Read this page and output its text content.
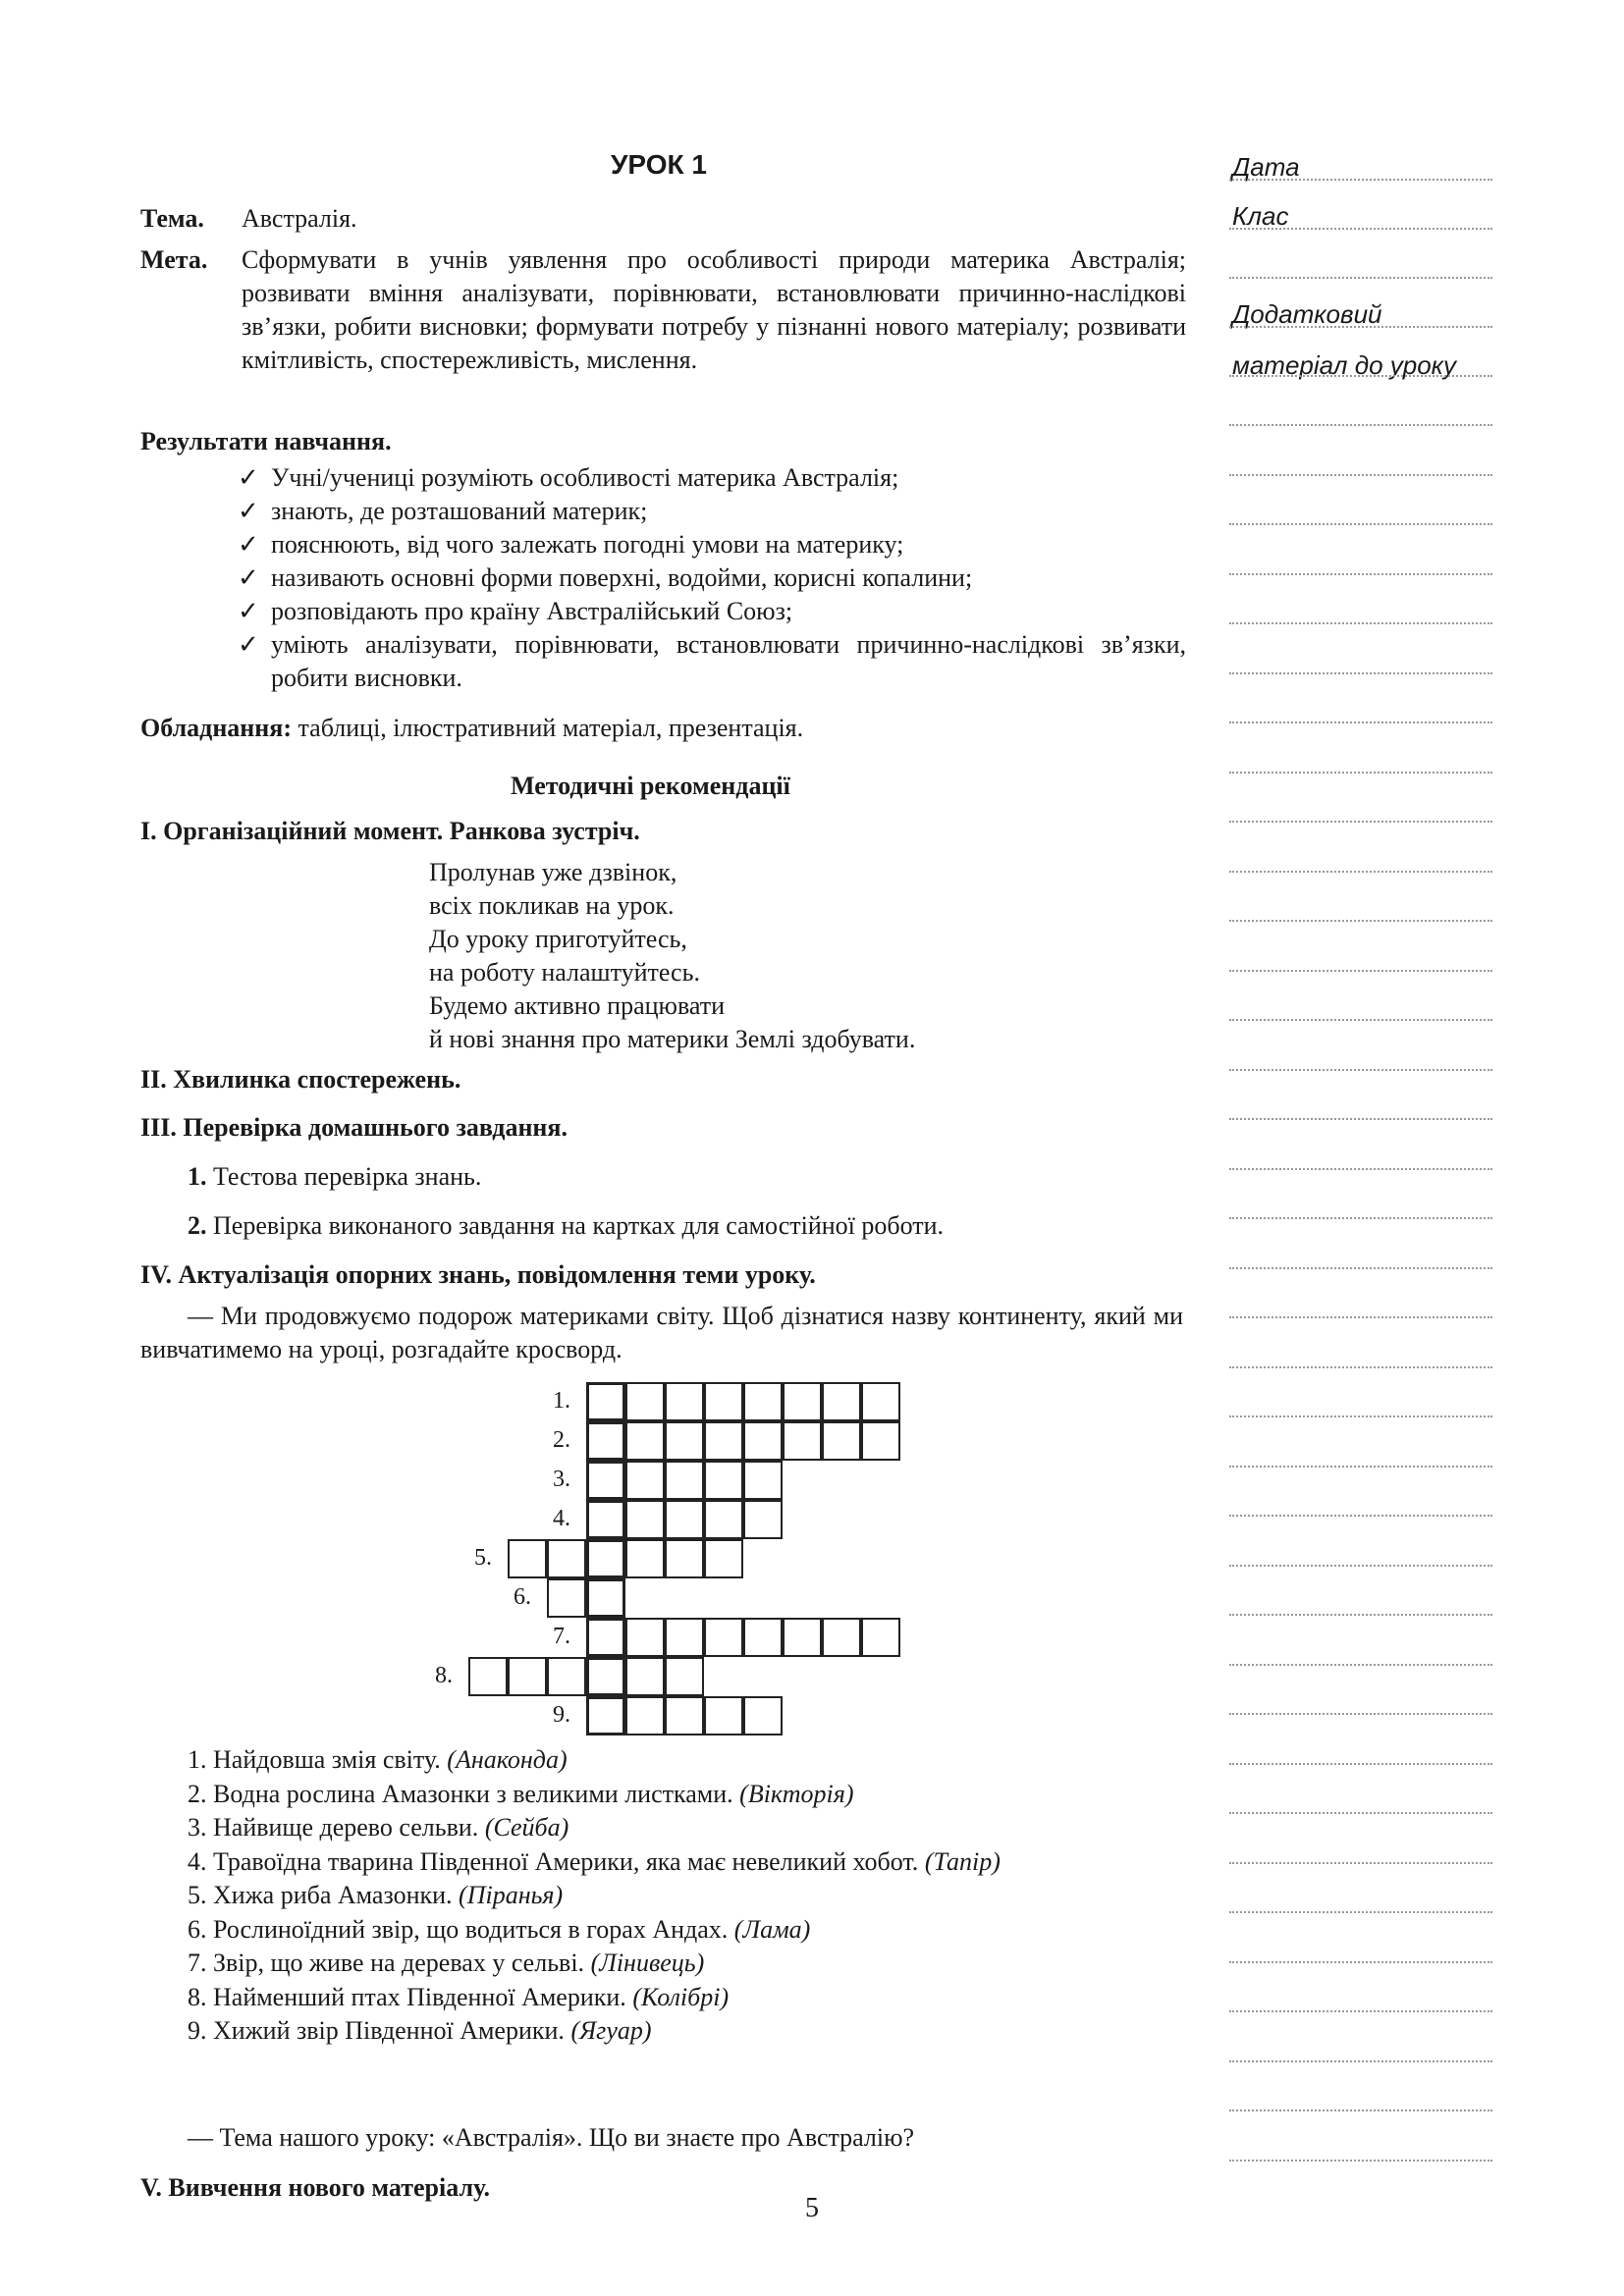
УРОК 1	Дата
Клас
Додатковий
матеріал до уроку
Тема. Австралія.
Мета. Сформувати в учнів уявлення про особливості природи материка Австралія; розвивати вміння аналізувати, порівнювати, встановлювати причинно-наслідкові зв’язки, робити висновки; формувати потребу у пізнанні нового матеріалу; розвивати кмітливість, спостережливість, мислення.
Результати навчання.
✓ Учні/учениці розуміють особливості материка Австралія;
✓ знають, де розташований материк;
✓ пояснюють, від чого залежать погодні умови на материку;
✓ називають основні форми поверхні, водойми, корисні копалини;
✓ розповідають про країну Австралійський Союз;
✓ уміють аналізувати, порівнювати, встановлювати причинно-наслідкові зв’язки, робити висновки.
Обладнання: таблиці, ілюстративний матеріал, презентація.
Методичні рекомендації
I. Організаційний момент. Ранкова зустріч.
Пролунав уже дзвінок,
всіх покликав на урок.
До уроку приготуйтесь,
на роботу налаштуйтесь.
Будемо активно працювати
й нові знання про материки Землі здобувати.
II. Хвилинка спостережень.
III. Перевірка домашнього завдання.
1. Тестова перевірка знань.
2. Перевірка виконаного завдання на картках для самостійної роботи.
IV. Актуалізація опорних знань, повідомлення теми уроку.
— Ми продовжуємо подорож материками світу. Щоб дізнатися назву континенту, який ми вивчатимемо на уроці, розгадайте кросворд.
1.
2.
3.
4.
5.
6.
7.
8.
9.
1. Найдовша змія світу. (Анаконда)
2. Водна рослина Амазонки з великими листками. (Вікторія)
3. Найвище дерево сельви. (Сейба)
4. Травоїдна тварина Південної Америки, яка має невеликий хобот. (Тапір)
5. Хижа риба Амазонки. (Піранья)
6. Рослиноїдний звір, що водиться в горах Андах. (Лама)
7. Звір, що живе на деревах у сельві. (Лінивець)
8. Найменший птах Південної Америки. (Колібрі)
9. Хижий звір Південної Америки. (Ягуар)
— Тема нашого уроку: «Австралія». Що ви знаєте про Австралію?
V. Вивчення нового матеріалу.
5
